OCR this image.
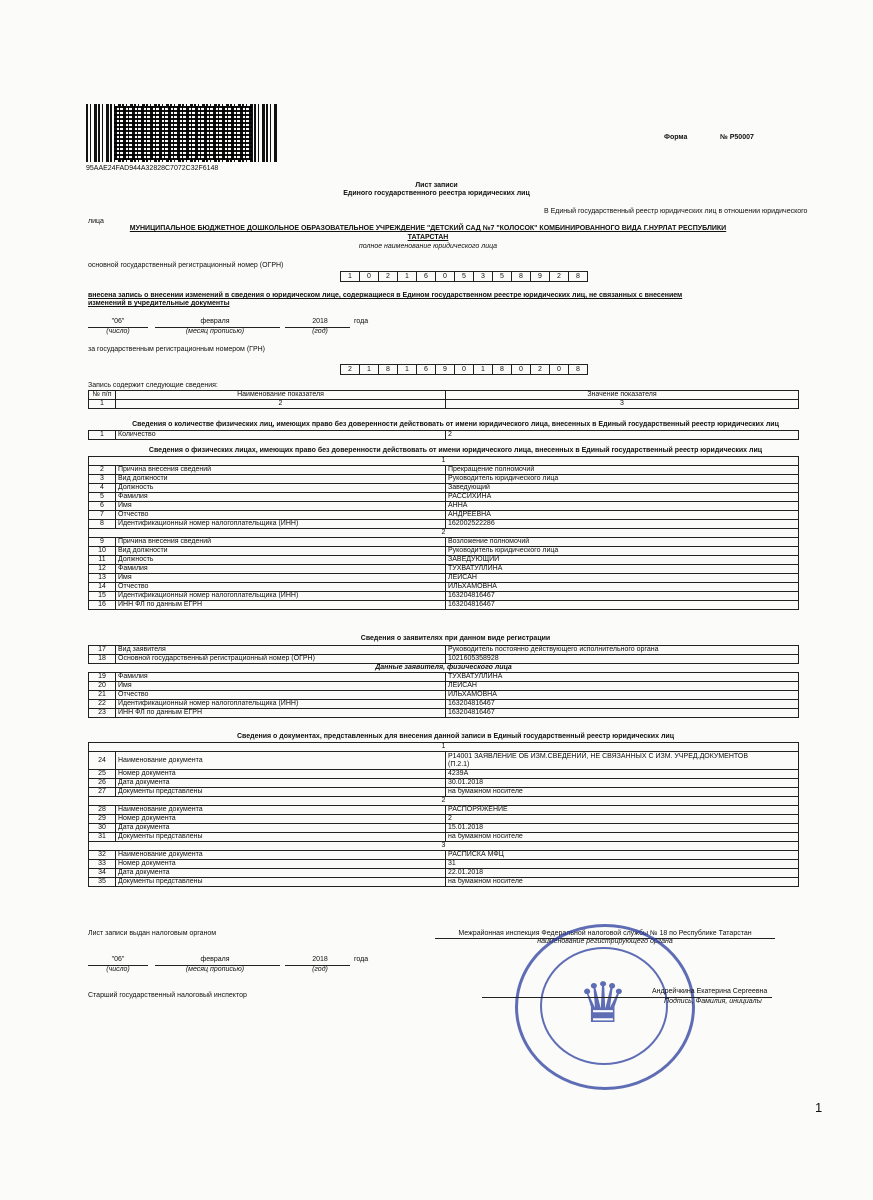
95AAE24FAD944A32828C7072C32F6148
Форма	№ Р50007
Лист записи
Единого государственного реестра юридических лиц
В Единый государственный реестр юридических лиц в отношении юридического
лица
МУНИЦИПАЛЬНОЕ БЮДЖЕТНОЕ ДОШКОЛЬНОЕ ОБРАЗОВАТЕЛЬНОЕ УЧРЕЖДЕНИЕ "ДЕТСКИЙ САД №7 "КОЛОСОК" КОМБИНИРОВАННОГО ВИДА Г.НУРЛАТ РЕСПУБЛИКИ
ТАТАРСТАН
полное наименование юридического лица
основной государственный регистрационный номер (ОГРН)
1	0	2	1	6	0	5	3	5	8	9	2	8
внесена запись о внесении изменений в сведения о юридическом лице, содержащиеся в Едином государственном реестре юридических лиц, не связанных с внесением
изменений в учредительные документы
"06"	февраля	2018	года
(число)	(месяц прописью)	(год)
за государственным регистрационным номером (ГРН)
2	1	8	1	6	9	0	1	8	0	2	0	8
Запись содержит следующие сведения:
№ п/п	Наименование показателя	Значение показателя
1	2	3
Сведения о количестве физических лиц, имеющих право без доверенности действовать от имени юридического лица, внесенных в Единый государственный реестр юридических лиц
1	Количество	2
Сведения о физических лицах, имеющих право без доверенности действовать от имени юридического лица, внесенных в Единый государственный реестр юридических лиц
1		
2	Причина внесения сведений	Прекращение полномочий
3	Вид должности	Руководитель юридического лица
4	Должность	Заведующий
5	Фамилия	РАССИХИНА
6	Имя	АННА
7	Отчество	АНДРЕЕВНА
8	Идентификационный номер налогоплательщика (ИНН)	162002522286
2		
9	Причина внесения сведений	Возложение полномочий
10	Вид должности	Руководитель юридического лица
11	Должность	ЗАВЕДУЮЩИЙ
12	Фамилия	ТУХВАТУЛЛИНА
13	Имя	ЛЕЙСАН
14	Отчество	ИЛЬХАМОВНА
15	Идентификационный номер налогоплательщика (ИНН)	163204816467
16	ИНН ФЛ по данным ЕГРН	163204816467
Сведения о заявителях при данном виде регистрации
17	Вид заявителя	Руководитель постоянно действующего исполнительного органа
18	Основной государственный регистрационный номер (ОГРН)	1021605358928
Данные заявителя, физического лица		
19	Фамилия	ТУХВАТУЛЛИНА
20	Имя	ЛЕЙСАН
21	Отчество	ИЛЬХАМОВНА
22	Идентификационный номер налогоплательщика (ИНН)	163204816467
23	ИНН ФЛ по данным ЕГРН	163204816467
Сведения о документах, представленных для внесения данной записи в Единый государственный реестр юридических лиц
1		
24	Наименование документа	Р14001 ЗАЯВЛЕНИЕ ОБ ИЗМ.СВЕДЕНИЙ, НЕ СВЯЗАННЫХ С ИЗМ. УЧРЕД.ДОКУМЕНТОВ
(П.2.1)
25	Номер документа	4239А
26	Дата документа	30.01.2018
27	Документы представлены	на бумажном носителе
2		
28	Наименование документа	РАСПОРЯЖЕНИЕ
29	Номер документа	2
30	Дата документа	15.01.2018
31	Документы представлены	на бумажном носителе
3		
32	Наименование документа	РАСПИСКА МФЦ
33	Номер документа	31
34	Дата документа	22.01.2018
35	Документы представлены	на бумажном носителе
Лист записи выдан налоговым органом	Межрайонная инспекция Федеральной налоговой службы № 18 по Республике Татарстан
наименование регистрирующего органа
"06"	февраля	2018	года
(число)	(месяц прописью)	(год)
Старший государственный налоговый инспектор	♛	Андрейчкина Екатерина Сергеевна
Подпись, Фамилия, инициалы
1
